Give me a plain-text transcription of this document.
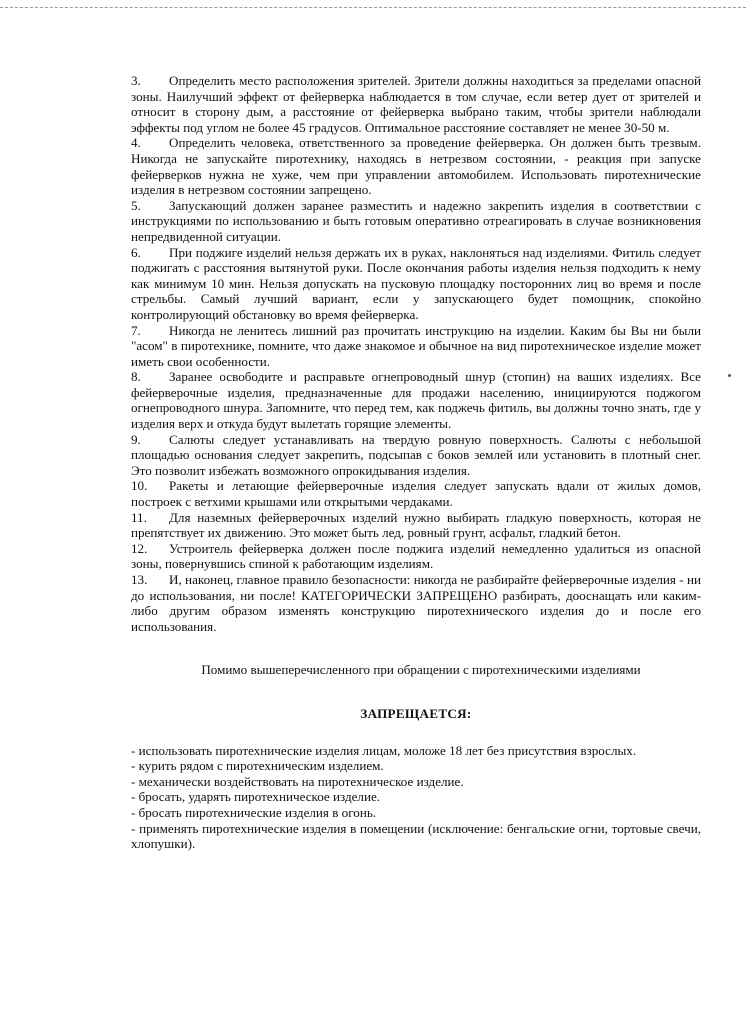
3. Определить место расположения зрителей. Зрители должны находиться за пределами опасной зоны. Наилучший эффект от фейерверка наблюдается в том случае, если ветер дует от зрителей и относит в сторону дым, а расстояние от фейерверка выбрано таким, чтобы зрители наблюдали эффекты под углом не более 45 градусов. Оптимальное расстояние составляет не менее 30-50 м.

4. Определить человека, ответственного за проведение фейерверка. Он должен быть трезвым. Никогда не запускайте пиротехнику, находясь в нетрезвом состоянии, - реакция при запуске фейерверков нужна не хуже, чем при управлении автомобилем. Использовать пиротехнические изделия в нетрезвом состоянии запрещено.

5. Запускающий должен заранее разместить и надежно закрепить изделия в соответствии с инструкциями по использованию и быть готовым оперативно отреагировать в случае возникновения непредвиденной ситуации.

6. При поджиге изделий нельзя держать их в руках, наклоняться над изделиями. Фитиль следует поджигать с расстояния вытянутой руки. После окончания работы изделия нельзя подходить к нему как минимум 10 мин. Нельзя допускать на пусковую площадку посторонних лиц во время и после стрельбы. Самый лучший вариант, если у запускающего будет помощник, спокойно контролирующий обстановку во время фейерверка.

7. Никогда не ленитесь лишний раз прочитать инструкцию на изделии. Каким бы Вы ни были "асом" в пиротехнике, помните, что даже знакомое и обычное на вид пиротехническое изделие может иметь свои особенности.

8. Заранее освободите и расправьте огнепроводный шнур (стопин) на ваших изделиях. Все фейерверочные изделия, предназначенные для продажи населению, инициируются поджогом огнепроводного шнура. Запомните, что перед тем, как поджечь фитиль, вы должны точно знать, где у изделия верх и откуда будут вылетать горящие элементы.

9. Салюты следует устанавливать на твердую ровную поверхность. Салюты с небольшой площадью основания следует закрепить, подсыпав с боков землей или установить в плотный снег. Это позволит избежать возможного опрокидывания изделия.

10. Ракеты и летающие фейерверочные изделия следует запускать вдали от жилых домов, построек с ветхими крышами или открытыми чердаками.

11. Для наземных фейерверочных изделий нужно выбирать гладкую поверхность, которая не препятствует их движению. Это может быть лед, ровный грунт, асфальт, гладкий бетон.

12. Устроитель фейерверка должен после поджига изделий немедленно удалиться из опасной зоны, повернувшись спиной к работающим изделиям.

13. И, наконец, главное правило безопасности: никогда не разбирайте фейерверочные изделия - ни до использования, ни после! КАТЕГОРИЧЕСКИ ЗАПРЕЩЕНО разбирать, дооснащать или каким-либо другим образом изменять конструкцию пиротехнического изделия до и после его использования.

Помимо вышеперечисленного при обращении с пиротехническими изделиями

ЗАПРЕЩАЕТСЯ:

- использовать пиротехнические изделия лицам, моложе 18 лет без присутствия взрослых.
- курить рядом с пиротехническим изделием.
- механически воздействовать на пиротехническое изделие.
- бросать, ударять пиротехническое изделие.
- бросать пиротехнические изделия в огонь.
- применять пиротехнические изделия в помещении (исключение: бенгальские огни, тортовые свечи, хлопушки).
